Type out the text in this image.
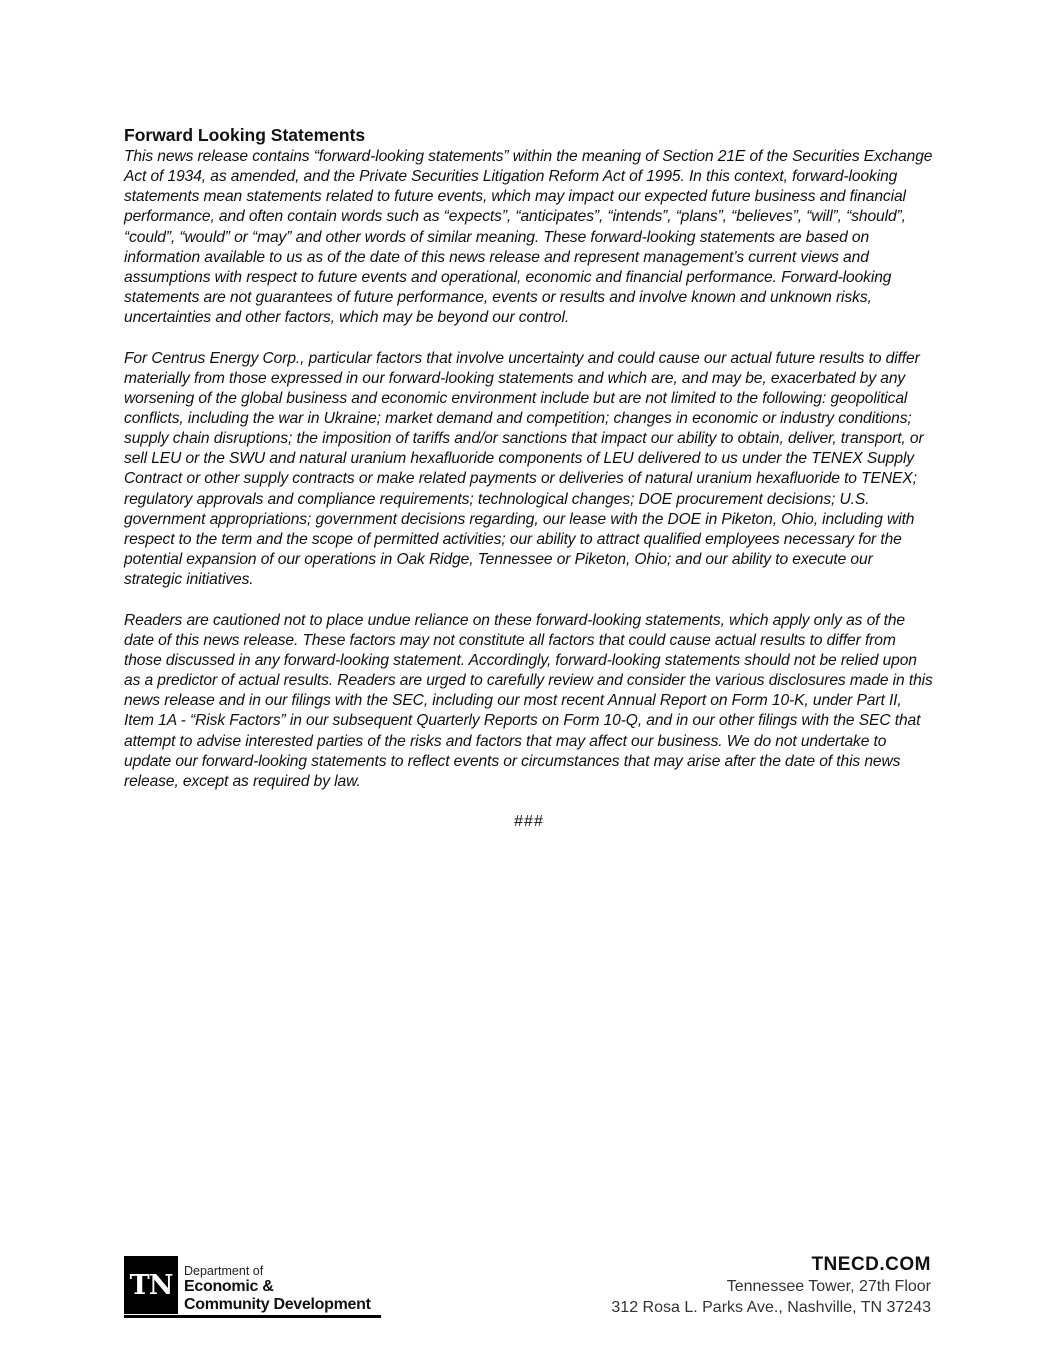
Forward Looking Statements

This news release contains “forward-looking statements” within the meaning of Section 21E of the Securities Exchange Act of 1934, as amended, and the Private Securities Litigation Reform Act of 1995. In this context, forward-looking statements mean statements related to future events, which may impact our expected future business and financial performance, and often contain words such as “expects”, “anticipates”, “intends”, “plans”, “believes”, “will”, “should”, “could”, “would” or “may” and other words of similar meaning. These forward-looking statements are based on information available to us as of the date of this news release and represent management’s current views and assumptions with respect to future events and operational, economic and financial performance. Forward-looking statements are not guarantees of future performance, events or results and involve known and unknown risks, uncertainties and other factors, which may be beyond our control.

For Centrus Energy Corp., particular factors that involve uncertainty and could cause our actual future results to differ materially from those expressed in our forward-looking statements and which are, and may be, exacerbated by any worsening of the global business and economic environment include but are not limited to the following: geopolitical conflicts, including the war in Ukraine; market demand and competition; changes in economic or industry conditions; supply chain disruptions; the imposition of tariffs and/or sanctions that impact our ability to obtain, deliver, transport, or sell LEU or the SWU and natural uranium hexafluoride components of LEU delivered to us under the TENEX Supply Contract or other supply contracts or make related payments or deliveries of natural uranium hexafluoride to TENEX; regulatory approvals and compliance requirements; technological changes; DOE procurement decisions; U.S. government appropriations; government decisions regarding, our lease with the DOE in Piketon, Ohio, including with respect to the term and the scope of permitted activities; our ability to attract qualified employees necessary for the potential expansion of our operations in Oak Ridge, Tennessee or Piketon, Ohio; and our ability to execute our strategic initiatives.

Readers are cautioned not to place undue reliance on these forward-looking statements, which apply only as of the date of this news release. These factors may not constitute all factors that could cause actual results to differ from those discussed in any forward-looking statement. Accordingly, forward-looking statements should not be relied upon as a predictor of actual results. Readers are urged to carefully review and consider the various disclosures made in this news release and in our filings with the SEC, including our most recent Annual Report on Form 10-K, under Part II, Item 1A - “Risk Factors” in our subsequent Quarterly Reports on Form 10-Q, and in our other filings with the SEC that attempt to advise interested parties of the risks and factors that may affect our business. We do not undertake to update our forward-looking statements to reflect events or circumstances that may arise after the date of this news release, except as required by law.

###
TN Department of
Economic &
Community Development
TNECD.COM
Tennessee Tower, 27th Floor
312 Rosa L. Parks Ave., Nashville, TN 37243
